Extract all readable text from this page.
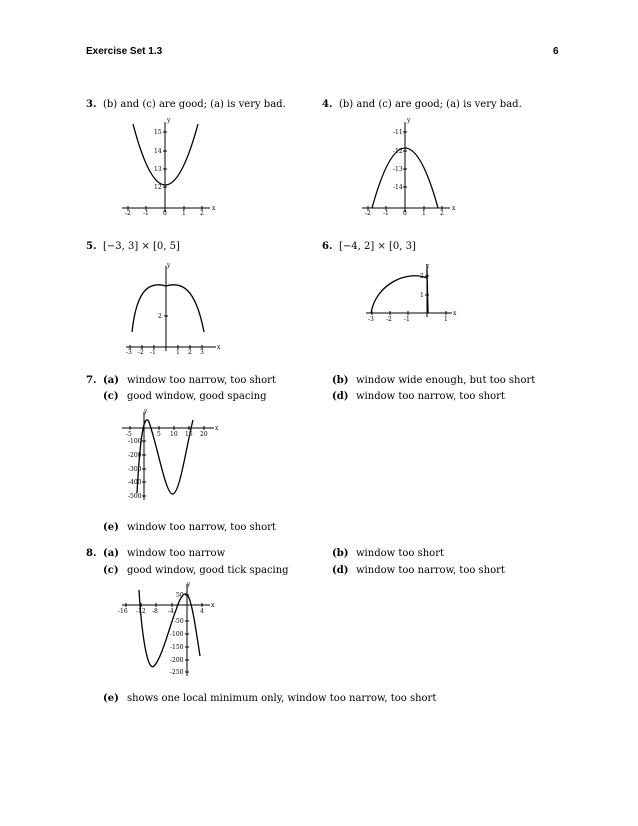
Exercise Set 1.3	6
3. (b) and (c) are good; (a) is very bad.
y
x
-2 -1 0	1 2
15
14
13
12
4. (b) and (c) are good; (a) is very bad.
y
x
-2 -1 0	1 2
-11
-12
-13
-14
5. [−3, 3] × [0, 5]
y
x
-3 -2 -1	1 2 3
2
6. [−4, 2] × [0, 3]
y
x
-3 -2 -1	1
2
1
7. (a) window too narrow, too short	(b) window wide enough, but too short
(c) good window, good spacing	(d) window too narrow, too short
y
x
-5	5 10 15 20
-100
-200
-300
-400
-500
(e) window too narrow, too short
8. (a) window too narrow	(b) window too short
(c) good window, good tick spacing	(d) window too narrow, too short
y
x
-16 -12 -8 -4	4
50
-50
-100
-150
-200
-250
(e) shows one local minimum only, window too narrow, too short
